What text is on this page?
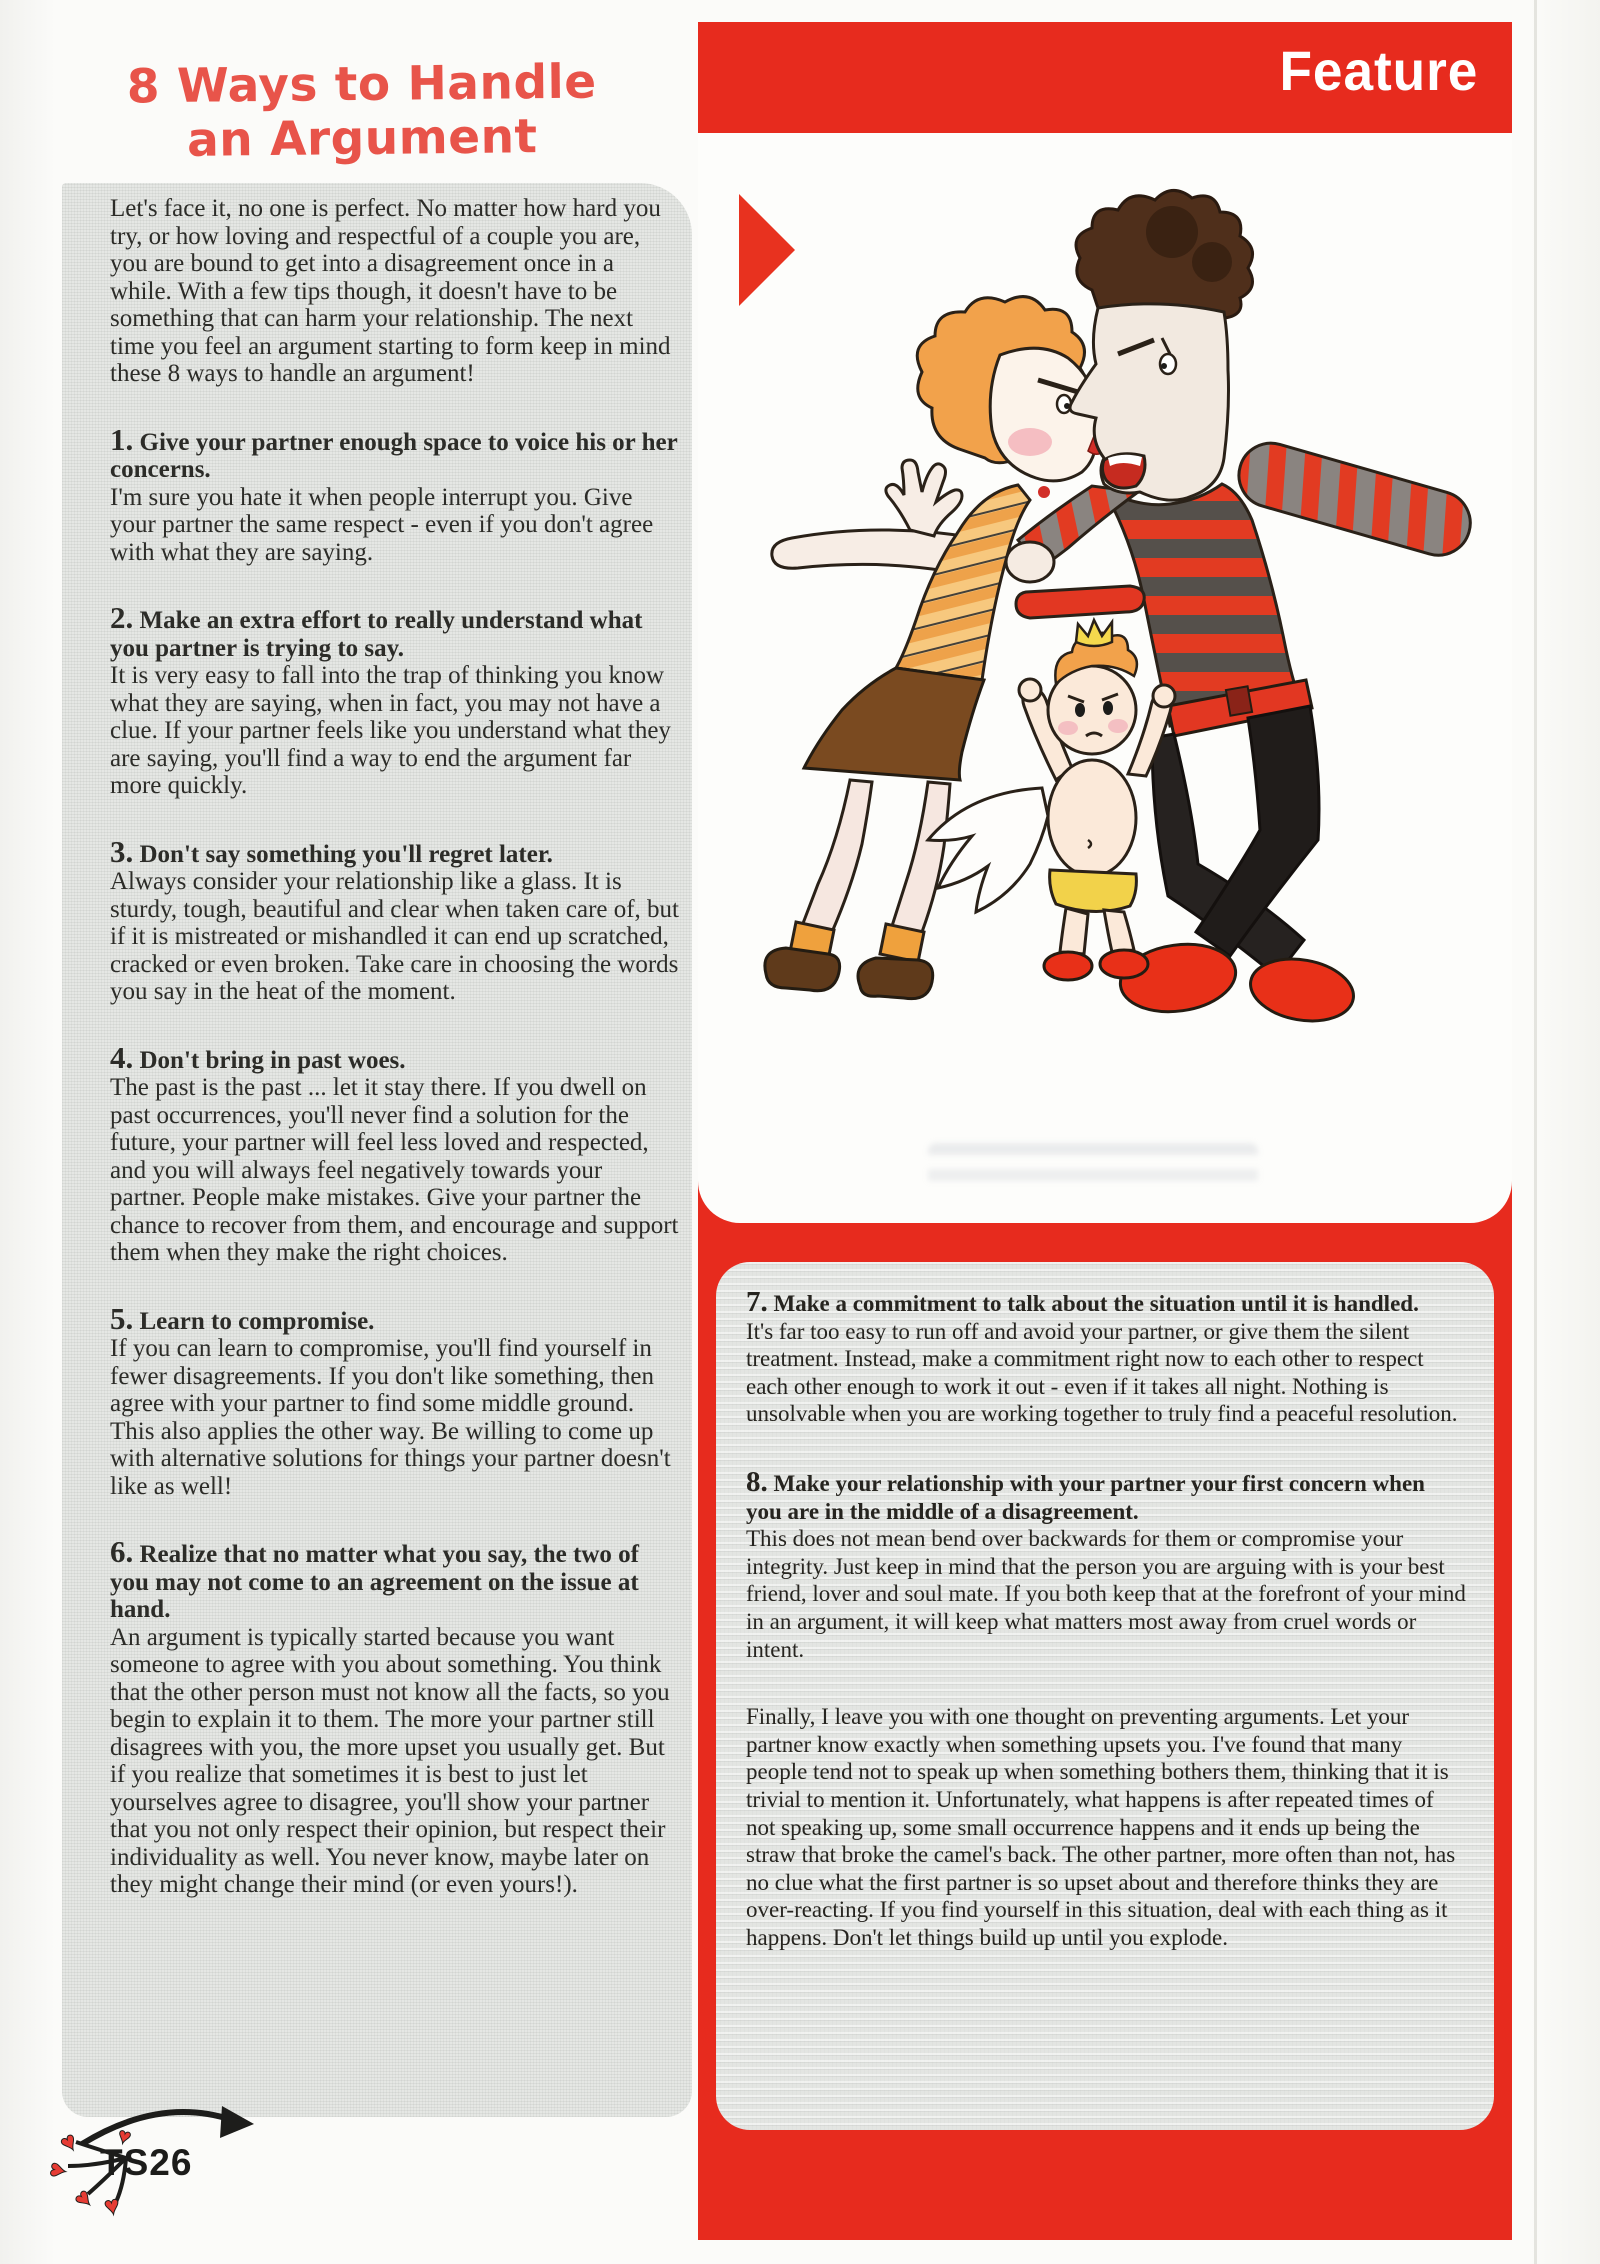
Feature
7. Make a commitment to talk about the situation until it is handled.
It's far too easy to run off and avoid your partner, or give them the silent treatment. Instead, make a commitment right now to each other to respect each other enough to work it out - even if it takes all night. Nothing is unsolvable when you are working together to truly find a peaceful resolution.
8. Make your relationship with your partner your first concern when you are in the middle of a disagreement.
This does not mean bend over backwards for them or compromise your integrity. Just keep in mind that the person you are arguing with is your best friend, lover and soul mate. If you both keep that at the forefront of your mind in an argument, it will keep what matters most away from cruel words or intent.
Finally, I leave you with one thought on preventing arguments. Let your partner know exactly when something upsets you. I've found that many people tend not to speak up when something bothers them, thinking that it is trivial to mention it. Unfortunately, what happens is after repeated times of not speaking up, some small occurrence happens and it ends up being the straw that broke the camel's back. The other partner, more often than not, has no clue what the first partner is so upset about and therefore thinks they are over-reacting. If you find yourself in this situation, deal with each thing as it happens. Don't let things build up until you explode.
8 Ways to Handle
an Argument
Let's face it, no one is perfect. No matter how hard you try, or how loving and respectful of a couple you are, you are bound to get into a disagreement once in a while. With a few tips though, it doesn't have to be something that can harm your relationship. The next time you feel an argument starting to form keep in mind these 8 ways to handle an argument!
1. Give your partner enough space to voice his or her concerns.
I'm sure you hate it when people interrupt you. Give your partner the same respect - even if you don't agree with what they are saying.
2. Make an extra effort to really understand what you partner is trying to say.
It is very easy to fall into the trap of thinking you know what they are saying, when in fact, you may not have a clue. If your partner feels like you understand what they are saying, you'll find a way to end the argument far more quickly.
3. Don't say something you'll regret later.
Always consider your relationship like a glass. It is sturdy, tough, beautiful and clear when taken care of, but if it is mistreated or mishandled it can end up scratched, cracked or even broken. Take care in choosing the words you say in the heat of the moment.
4. Don't bring in past woes.
The past is the past ... let it stay there. If you dwell on past occurrences, you'll never find a solution for the future, your partner will feel less loved and respected, and you will always feel negatively towards your partner. People make mistakes. Give your partner the chance to recover from them, and encourage and support them when they make the right choices.
5. Learn to compromise.
If you can learn to compromise, you'll find yourself in fewer disagreements. If you don't like something, then agree with your partner to find some middle ground. This also applies the other way. Be willing to come up with alternative solutions for things your partner doesn't like as well!
6. Realize that no matter what you say, the two of you may not come to an agreement on the issue at hand.
An argument is typically started because you want someone to agree with you about something. You think that the other person must not know all the facts, so you begin to explain it to them. The more your partner still disagrees with you, the more upset you usually get. But if you realize that sometimes it is best to just let yourselves agree to disagree, you'll show your partner that you not only respect their opinion, but respect their individuality as well. You never know, maybe later on they might change their mind (or even yours!).
♥
♥
♥ ♥
♥
TS26
